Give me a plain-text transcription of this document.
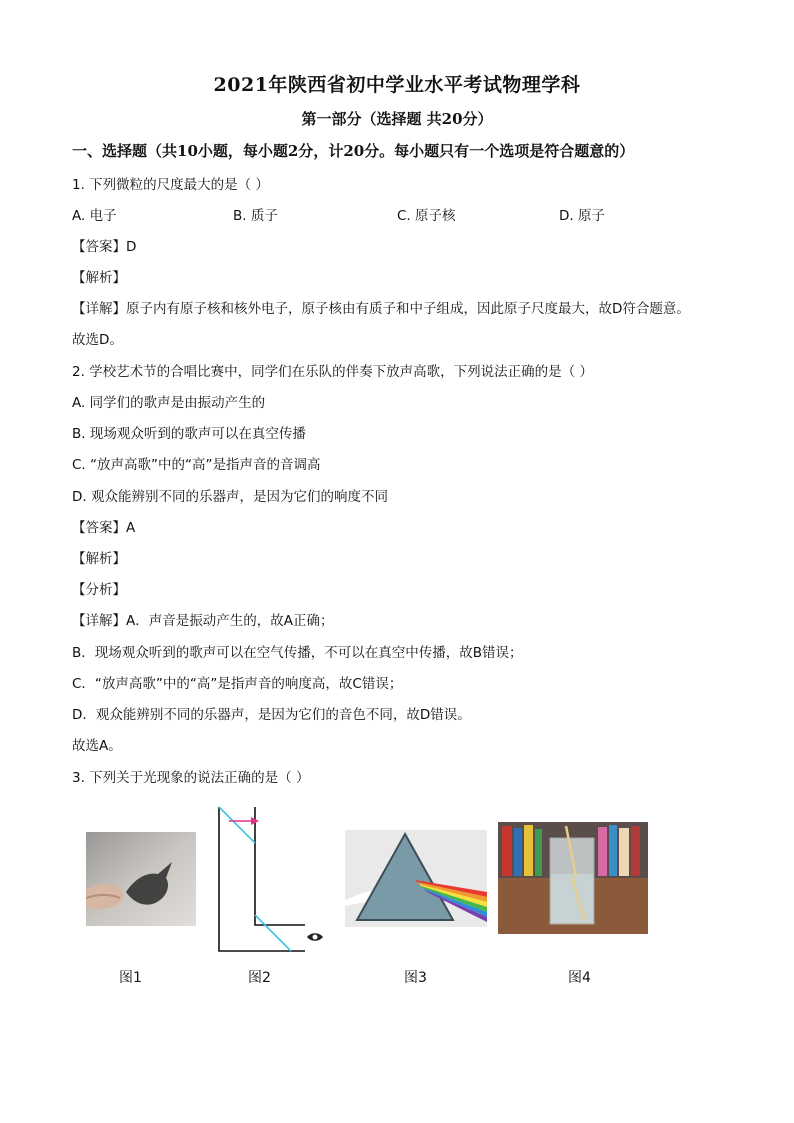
2021年陕西省初中学业水平考试物理学科
第一部分（选择题 共20分）
一、选择题（共10小题，每小题2分，计20分。每小题只有一个选项是符合题意的）
1. 下列微粒的尺度最大的是（ ）
A. 电子	B. 质子	C. 原子核	D. 原子
【答案】D
【解析】
【详解】原子内有原子核和核外电子，原子核由有质子和中子组成，因此原子尺度最大，故D符合题意。
故选D。
2. 学校艺术节的合唱比赛中，同学们在乐队的伴奏下放声高歌，下列说法正确的是（ ）
A. 同学们的歌声是由振动产生的
B. 现场观众听到的歌声可以在真空传播
C. “放声高歌”中的“高”是指声音的音调高
D. 观众能辨别不同的乐器声，是因为它们的响度不同
【答案】A
【解析】
【分析】
【详解】A．声音是振动产生的，故A正确；
B．现场观众听到的歌声可以在空气传播，不可以在真空中传播，故B错误；
C．“放声高歌”中的“高”是指声音的响度高，故C错误；
D．观众能辨别不同的乐器声，是因为它们的音色不同，故D错误。
故选A。
3. 下列关于光现象的说法正确的是（ ）
图1	图2	图3	图4
